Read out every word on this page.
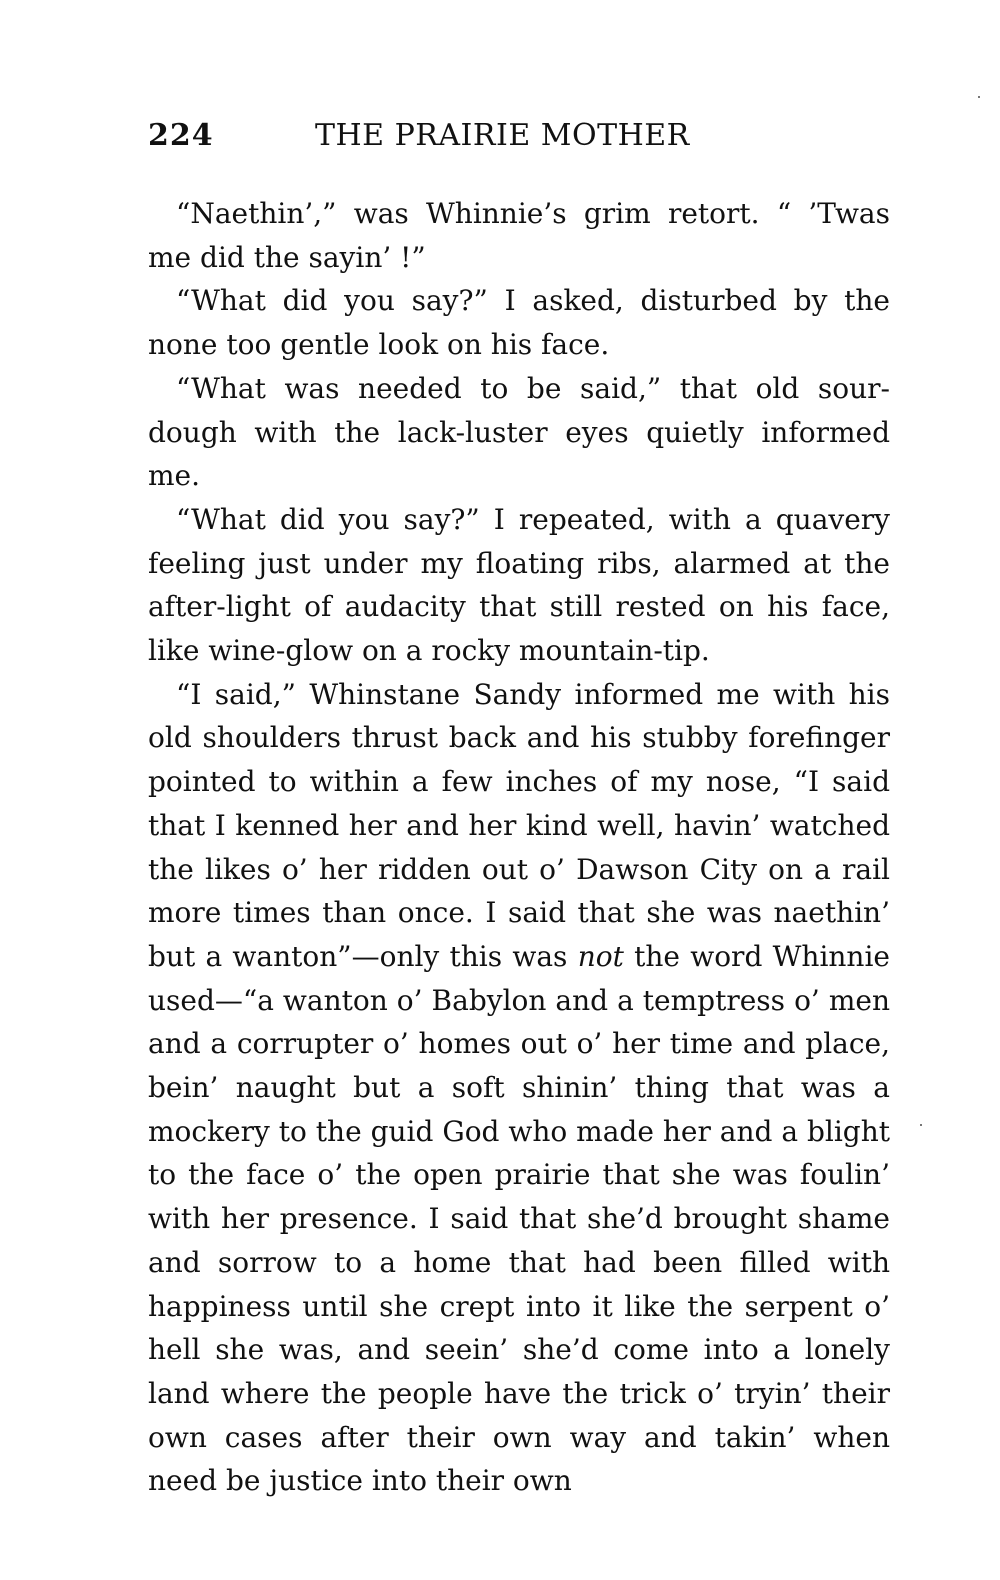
224	THE PRAIRIE MOTHER

“Naethin’,” was Whinnie’s grim retort. “ ’Twas me did the sayin’ !”

“What did you say?” I asked, disturbed by the none too gentle look on his face.

“What was needed to be said,” that old sour-dough with the lack-luster eyes quietly informed me.

“What did you say?” I repeated, with a quavery feeling just under my floating ribs, alarmed at the after-light of audacity that still rested on his face, like wine-glow on a rocky mountain-tip.

“I said,” Whinstane Sandy informed me with his old shoulders thrust back and his stubby forefinger pointed to within a few inches of my nose, “I said that I kenned her and her kind well, havin’ watched the likes o’ her ridden out o’ Dawson City on a rail more times than once. I said that she was naethin’ but a wanton”—only this was not the word Whinnie used—“a wanton o’ Babylon and a temptress o’ men and a corrupter o’ homes out o’ her time and place, bein’ naught but a soft shinin’ thing that was a mockery to the guid God who made her and a blight to the face o’ the open prairie that she was foulin’ with her presence. I said that she’d brought shame and sorrow to a home that had been filled with happiness until she crept into it like the serpent o’ hell she was, and seein’ she’d come into a lonely land where the people have the trick o’ tryin’ their own cases after their own way and takin’ when need be justice into their own
